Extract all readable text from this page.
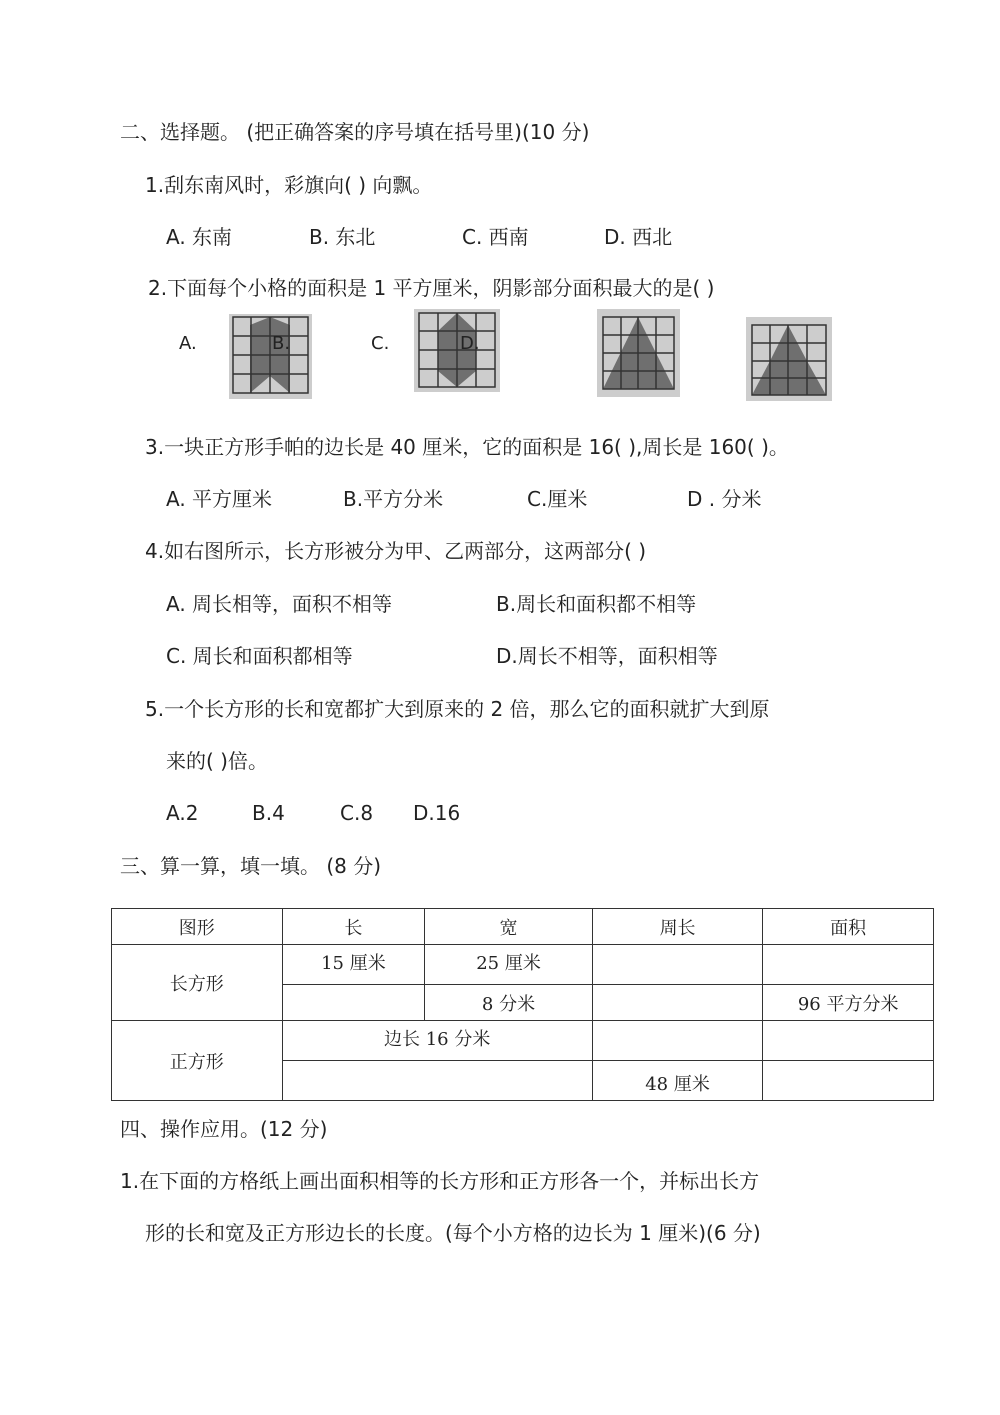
二、选择题。 (把正确答案的序号填在括号里)(10 分)
1.刮东南风时，彩旗向( ) 向飘。
A. 东南	B. 东北	C. 西南	D. 西北
2.下面每个小格的面积是 1 平方厘米，阴影部分面积最大的是( )
A.	B.	C.	D.
3.一块正方形手帕的边长是 40 厘米，它的面积是 16( ),周长是 160( )。
A. 平方厘米	B.平方分米	C.厘米	D . 分米
4.如右图所示，长方形被分为甲、乙两部分，这两部分( )
A. 周长相等，面积不相等	B.周长和面积都不相等
C. 周长和面积都相等	D.周长不相等，面积相等
5.一个长方形的长和宽都扩大到原来的 2 倍，那么它的面积就扩大到原
来的( )倍。
A.2	B.4	C.8 D.16
三、算一算，填一填。 (8 分)
图形	长	宽	周长	面积
长方形	15 厘米	25 厘米		
		8 分米		96 平方分米
正方形	边长 16 分米			
			48 厘米	
四、操作应用。(12 分)
1.在下面的方格纸上画出面积相等的长方形和正方形各一个，并标出长方
形的长和宽及正方形边长的长度。(每个小方格的边长为 1 厘米)(6 分)
